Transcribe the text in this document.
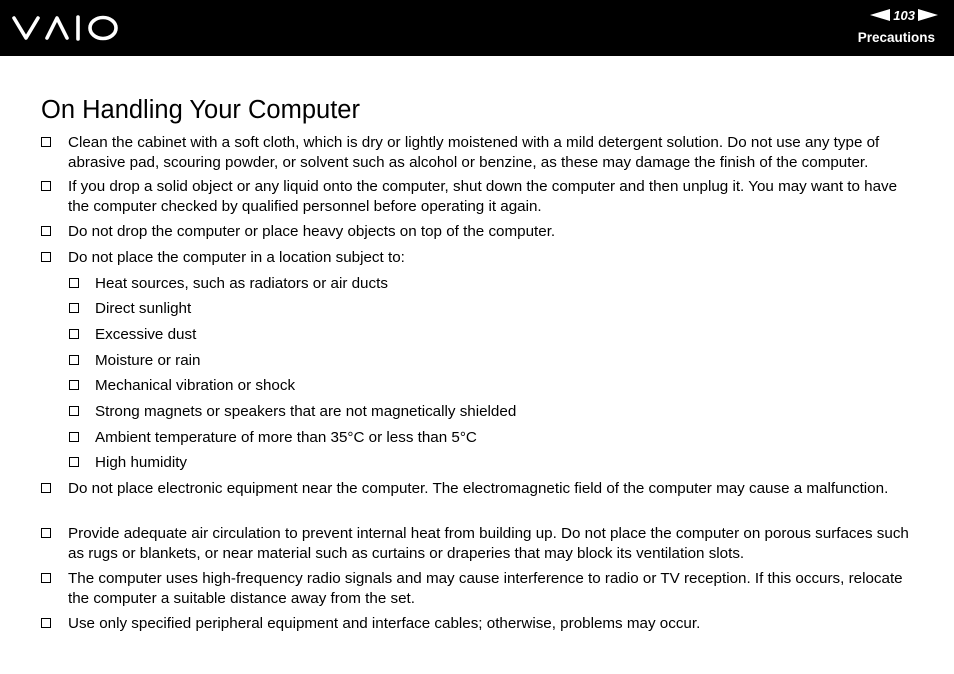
103
Precautions
On Handling Your Computer
Clean the cabinet with a soft cloth, which is dry or lightly moistened with a mild detergent solution. Do not use any type of abrasive pad, scouring powder, or solvent such as alcohol or benzine, as these may damage the finish of the computer.
If you drop a solid object or any liquid onto the computer, shut down the computer and then unplug it. You may want to have the computer checked by qualified personnel before operating it again.
Do not drop the computer or place heavy objects on top of the computer.
Do not place the computer in a location subject to:
Heat sources, such as radiators or air ducts
Direct sunlight
Excessive dust
Moisture or rain
Mechanical vibration or shock
Strong magnets or speakers that are not magnetically shielded
Ambient temperature of more than 35°C or less than 5°C
High humidity
Do not place electronic equipment near the computer. The electromagnetic field of the computer may cause a malfunction.
Provide adequate air circulation to prevent internal heat from building up. Do not place the computer on porous surfaces such as rugs or blankets, or near material such as curtains or draperies that may block its ventilation slots.
The computer uses high-frequency radio signals and may cause interference to radio or TV reception. If this occurs, relocate the computer a suitable distance away from the set.
Use only specified peripheral equipment and interface cables; otherwise, problems may occur.
